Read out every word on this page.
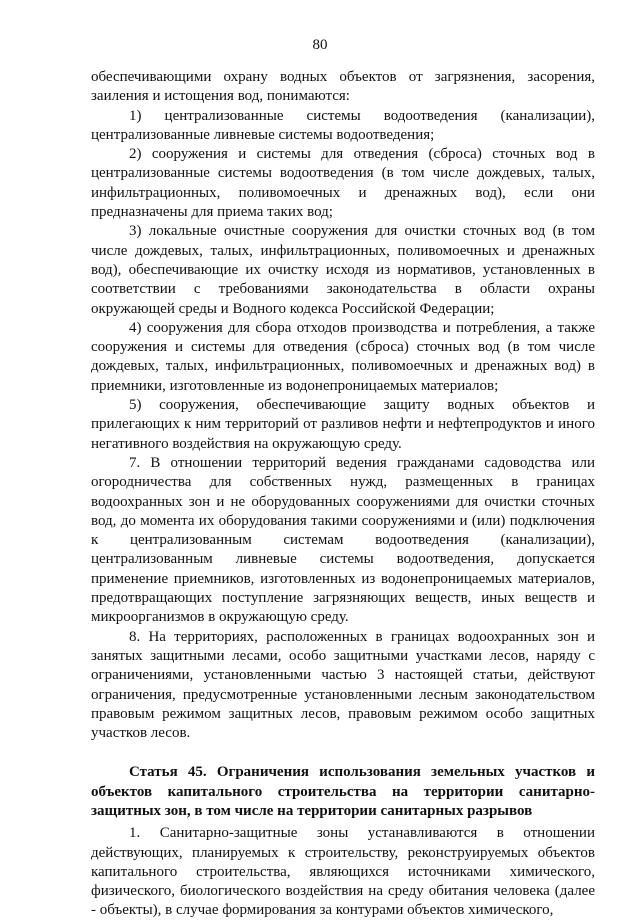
80

обеспечивающими охрану водных объектов от загрязнения, засорения, заиления и истощения вод, понимаются:

1) централизованные системы водоотведения (канализации), централизованные ливневые системы водоотведения;

2) сооружения и системы для отведения (сброса) сточных вод в централизованные системы водоотведения (в том числе дождевых, талых, инфильтрационных, поливомоечных и дренажных вод), если они предназначены для приема таких вод;

3) локальные очистные сооружения для очистки сточных вод (в том числе дождевых, талых, инфильтрационных, поливомоечных и дренажных вод), обеспечивающие их очистку исходя из нормативов, установленных в соответствии с требованиями законодательства в области охраны окружающей среды и Водного кодекса Российской Федерации;

4) сооружения для сбора отходов производства и потребления, а также сооружения и системы для отведения (сброса) сточных вод (в том числе дождевых, талых, инфильтрационных, поливомоечных и дренажных вод) в приемники, изготовленные из водонепроницаемых материалов;

5) сооружения, обеспечивающие защиту водных объектов и прилегающих к ним территорий от разливов нефти и нефтепродуктов и иного негативного воздействия на окружающую среду.

7. В отношении территорий ведения гражданами садоводства или огородничества для собственных нужд, размещенных в границах водоохранных зон и не оборудованных сооружениями для очистки сточных вод, до момента их оборудования такими сооружениями и (или) подключения к централизованным системам водоотведения (канализации), централизованным ливневые системы водоотведения, допускается применение приемников, изготовленных из водонепроницаемых материалов, предотвращающих поступление загрязняющих веществ, иных веществ и микроорганизмов в окружающую среду.

8. На территориях, расположенных в границах водоохранных зон и занятых защитными лесами, особо защитными участками лесов, наряду с ограничениями, установленными частью 3 настоящей статьи, действуют ограничения, предусмотренные установленными лесным законодательством правовым режимом защитных лесов, правовым режимом особо защитных участков лесов.

Статья 45. Ограничения использования земельных участков и объектов капитального строительства на территории санитарно-защитных зон, в том числе на территории санитарных разрывов

1. Санитарно-защитные зоны устанавливаются в отношении действующих, планируемых к строительству, реконструируемых объектов капитального строительства, являющихся источниками химического, физического, биологического воздействия на среду обитания человека (далее - объекты), в случае формирования за контурами объектов химического,
